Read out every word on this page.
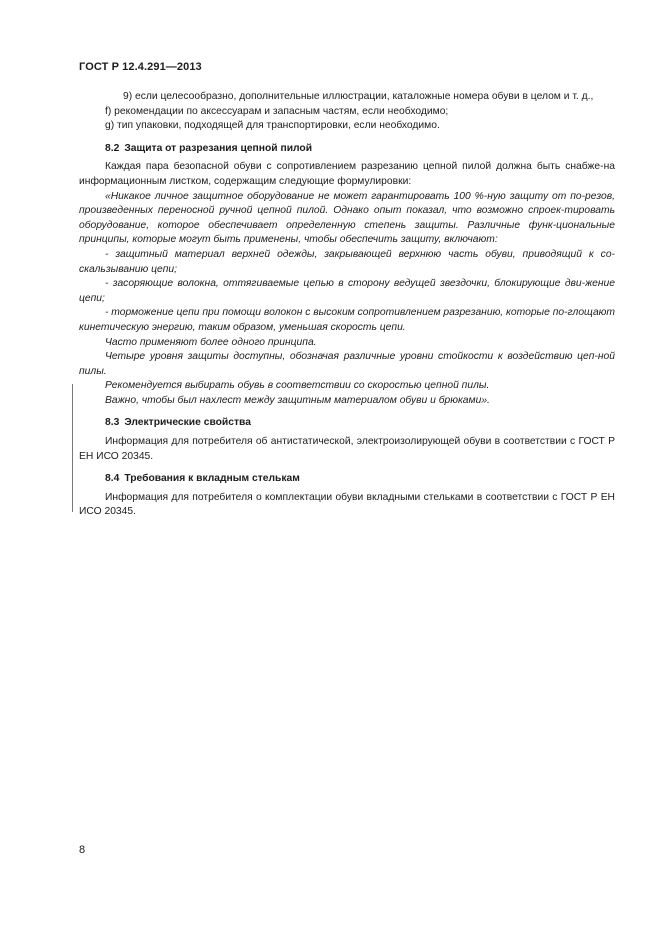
ГОСТ Р 12.4.291—2013

9) если целесообразно, дополнительные иллюстрации, каталожные номера обуви в целом и т. д.,

f) рекомендации по аксессуарам и запасным частям, если необходимо;

g) тип упаковки, подходящей для транспортировки, если необходимо.

8.2 Защита от разрезания цепной пилой

Каждая пара безопасной обуви с сопротивлением разрезанию цепной пилой должна быть снабже-на информационным листком, содержащим следующие формулировки:

«Никакое личное защитное оборудование не может гарантировать 100 %-ную защиту от по-резов, произведенных переносной ручной цепной пилой. Однако опыт показал, что возможно спроек-тировать оборудование, которое обеспечивает определенную степень защиты. Различные функ-циональные принципы, которые могут быть применены, чтобы обеспечить защиту, включают:

- защитный материал верхней одежды, закрывающей верхнюю часть обуви, приводящий к со-скальзыванию цепи;

- засоряющие волокна, оттягиваемые цепью в сторону ведущей звездочки, блокирующие дви-жение цепи;

- торможение цепи при помощи волокон с высоким сопротивлением разрезанию, которые по-глощают кинетическую энергию, таким образом, уменьшая скорость цепи.

Часто применяют более одного принципа.

Четыре уровня защиты доступны, обозначая различные уровни стойкости к воздействию цеп-ной пилы.

Рекомендуется выбирать обувь в соответствии со скоростью цепной пилы.

Важно, чтобы был нахлест между защитным материалом обуви и брюками».

8.3 Электрические свойства

Информация для потребителя об антистатической, электроизолирующей обуви в соответствии с ГОСТ Р ЕН ИСО 20345.

8.4 Требования к вкладным стелькам

Информация для потребителя о комплектации обуви вкладными стельками в соответствии с ГОСТ Р ЕН ИСО 20345.

8
